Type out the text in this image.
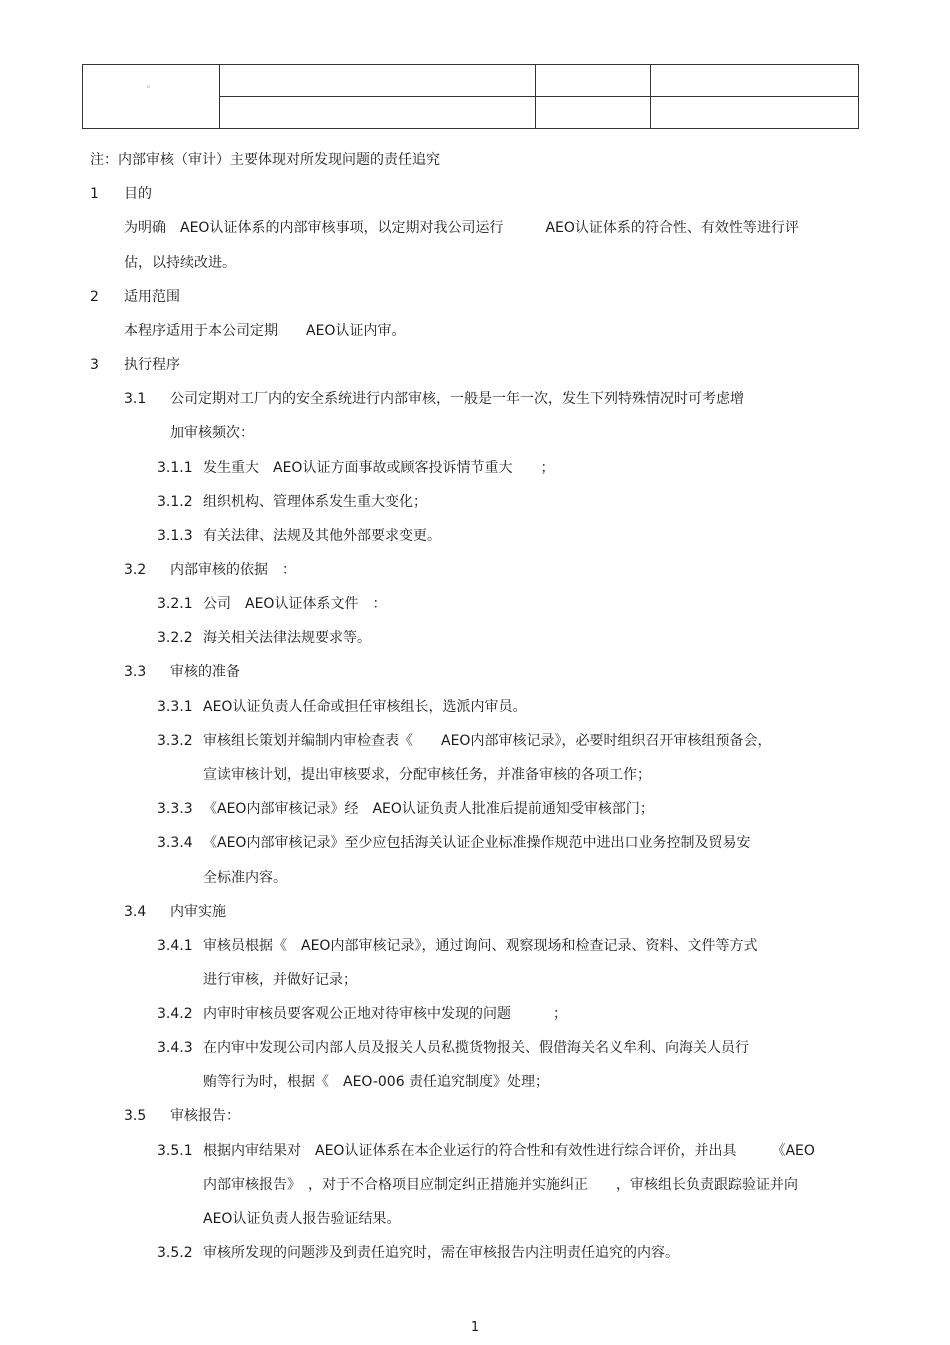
。			

注：内部审核（审计）主要体现对所发现问题的责任追究
1 目的
为明确　AEO认证体系的内部审核事项，以定期对我公司运行　　　AEO认证体系的符合性、有效性等进行评
估，以持续改进。
2 适用范围
本程序适用于本公司定期　　AEO认证内审。
3 执行程序
3.1 公司定期对工厂内的安全系统进行内部审核，一般是一年一次，发生下列特殊情况时可考虑增
加审核频次：
3.1.1 发生重大　AEO认证方面事故或顾客投诉情节重大　　；
3.1.2 组织机构、管理体系发生重大变化；
3.1.3 有关法律、法规及其他外部要求变更。
3.2 内部审核的依据　：
3.2.1 公司　AEO认证体系文件　：
3.2.2 海关相关法律法规要求等。
3.3 审核的准备
3.3.1 AEO认证负责人任命或担任审核组长，选派内审员。
3.3.2 审核组长策划并编制内审检查表《　　AEO内部审核记录》，必要时组织召开审核组预备会，
宣读审核计划，提出审核要求，分配审核任务，并准备审核的各项工作；
3.3.3 《AEO内部审核记录》经　AEO认证负责人批准后提前通知受审核部门；
3.3.4 《AEO内部审核记录》至少应包括海关认证企业标准操作规范中进出口业务控制及贸易安
全标准内容。
3.4 内审实施
3.4.1 审核员根据《　AEO内部审核记录》，通过询问、观察现场和检查记录、资料、文件等方式
进行审核，并做好记录；
3.4.2 内审时审核员要客观公正地对待审核中发现的问题　　　；
3.4.3 在内审中发现公司内部人员及报关人员私揽货物报关、假借海关名义牟利、向海关人员行
贿等行为时，根据《　AEO-006 责任追究制度》处理；
3.5 审核报告：
3.5.1 根据内审结果对　AEO认证体系在本企业运行的符合性和有效性进行综合评价，并出具　　　《AEO
内部审核报告》　，对于不合格项目应制定纠正措施并实施纠正　　，审核组长负责跟踪验证并向
AEO认证负责人报告验证结果。
3.5.2 审核所发现的问题涉及到责任追究时，需在审核报告内注明责任追究的内容。
1
